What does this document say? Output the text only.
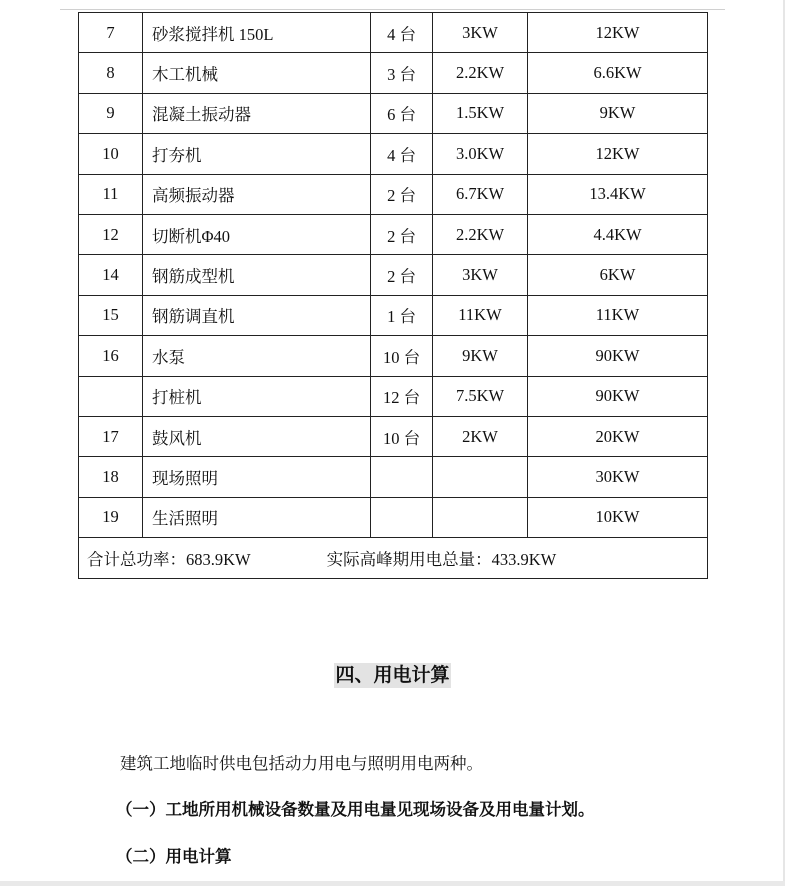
7	砂浆搅拌机 150L	4 台	3KW	12KW
8	木工机械	3 台	2.2KW	6.6KW
9	混凝土振动器	6 台	1.5KW	9KW
10	打夯机	4 台	3.0KW	12KW
11	高频振动器	2 台	6.7KW	13.4KW
12	切断机Φ40	2 台	2.2KW	4.4KW
14	钢筋成型机	2 台	3KW	6KW
15	钢筋调直机	1 台	11KW	11KW
16	水泵	10 台	9KW	90KW
	打桩机	12 台	7.5KW	90KW
17	鼓风机	10 台	2KW	20KW
18	现场照明			30KW
19	生活照明			10KW
合计总功率：683.9KW 实际高峰期用电总量：433.9KW				
四、用电计算
建筑工地临时供电包括动力用电与照明用电两种。
（一）工地所用机械设备数量及用电量见现场设备及用电量计划。
（二）用电计算
